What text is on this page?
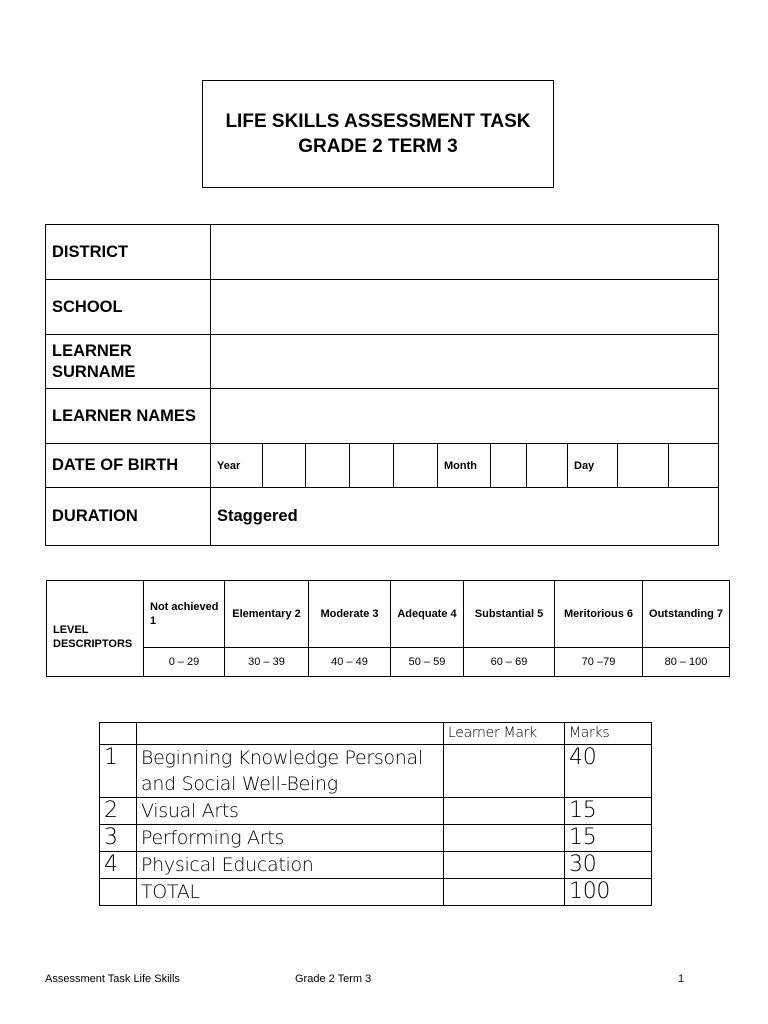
LIFE SKILLS ASSESSMENT TASK
GRADE 2 TERM 3
DISTRICT											
SCHOOL											
LEARNER SURNAME											
LEARNER NAMES											
DATE OF BIRTH	Year					Month			Day		
DURATION	Staggered										
LEVEL DESCRIPTORS	Not achieved 1	Elementary 2	Moderate 3	Adequate 4	Substantial 5	Meritorious 6	Outstanding 7
	0 – 29	30 – 39	40 – 49	50 – 59	60 – 69	70 –79	80 – 100
		Learner Mark	Marks
1	Beginning Knowledge Personal and Social Well-Being		40
2	Visual Arts		15
3	Performing Arts		15
4	Physical Education		30
	TOTAL		100
Assessment Task Life Skills	Grade 2 Term 3	1
